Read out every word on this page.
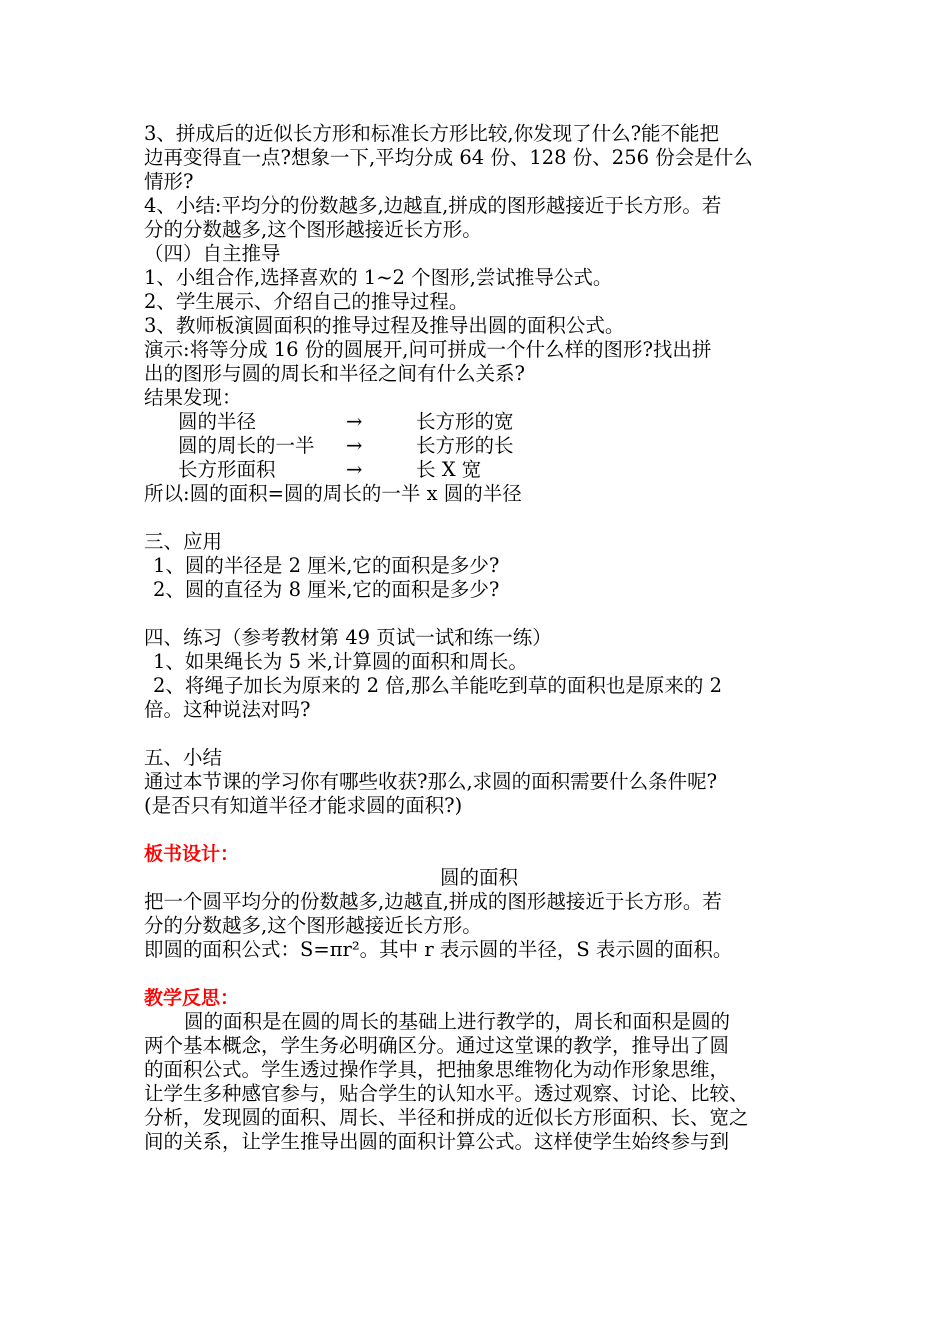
3、拼成后的近似长方形和标准长方形比较,你发现了什么?能不能把
边再变得直一点?想象一下,平均分成 64 份、128 份、256 份会是什么
情形?
4、小结:平均分的份数越多,边越直,拼成的图形越接近于长方形。若
分的分数越多,这个图形越接近长方形。
（四）自主推导
1、小组合作,选择喜欢的 1~2 个图形,尝试推导公式。
2、学生展示、介绍自己的推导过程。
3、教师板演圆面积的推导过程及推导出圆的面积公式。
演示:将等分成 16 份的圆展开,问可拼成一个什么样的图形?找出拼
出的图形与圆的周长和半径之间有什么关系?
结果发现：
圆的半径	→	长方形的宽
圆的周长的一半	→	长方形的长
长方形面积	→	长 X 宽
所以:圆的面积=圆的周长的一半 x 圆的半径
三、应用
1、圆的半径是 2 厘米,它的面积是多少?
2、圆的直径为 8 厘米,它的面积是多少?
四、练习（参考教材第 49 页试一试和练一练）
1、如果绳长为 5 米,计算圆的面积和周长。
2、将绳子加长为原来的 2 倍,那么羊能吃到草的面积也是原来的 2
倍。这种说法对吗?
五、小结
通过本节课的学习你有哪些收获?那么,求圆的面积需要什么条件呢?
(是否只有知道半径才能求圆的面积?)
板书设计：
圆的面积
把一个圆平均分的份数越多,边越直,拼成的图形越接近于长方形。若
分的分数越多,这个图形越接近长方形。
即圆的面积公式：S=πr²。其中 r 表示圆的半径，S 表示圆的面积。
教学反思：
圆的面积是在圆的周长的基础上进行教学的，周长和面积是圆的
两个基本概念，学生务必明确区分。通过这堂课的教学，推导出了圆
的面积公式。学生透过操作学具，把抽象思维物化为动作形象思维，
让学生多种感官参与，贴合学生的认知水平。透过观察、讨论、比较、
分析，发现圆的面积、周长、半径和拼成的近似长方形面积、长、宽之
间的关系，让学生推导出圆的面积计算公式。这样使学生始终参与到
